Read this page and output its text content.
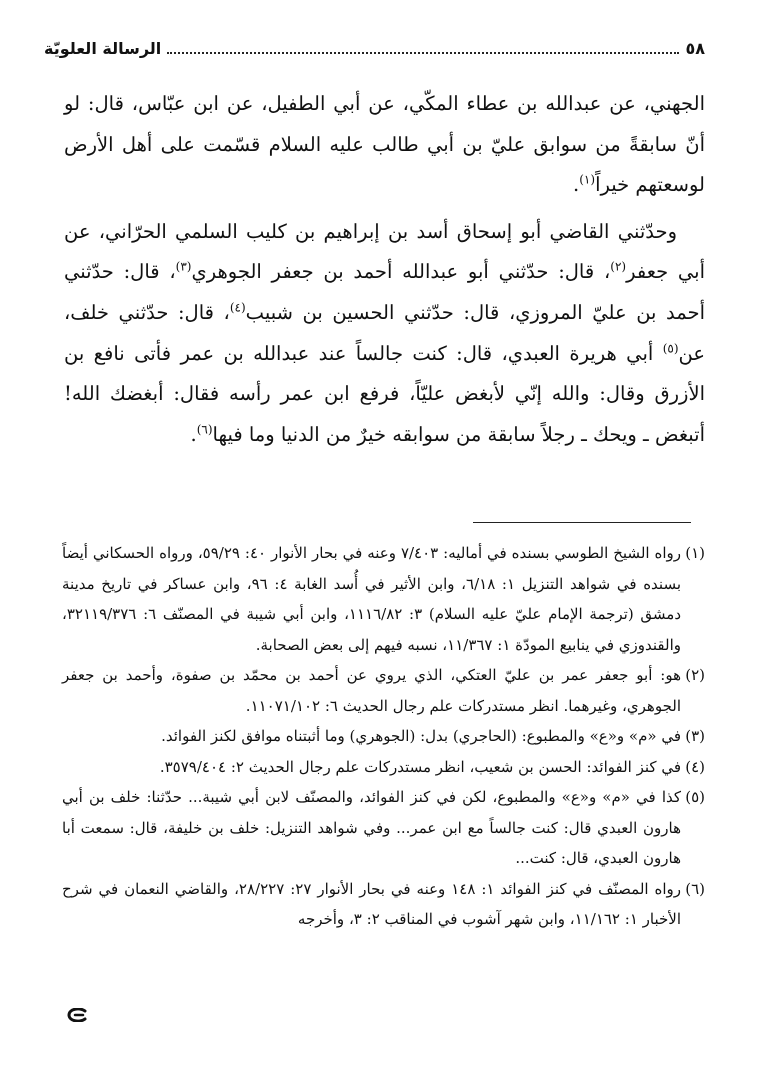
٥٨
الرسالة العلويّة

الجهني، عن عبدالله بن عطاء المكّي، عن أبي الطفيل، عن ابن عبّاس، قال: لو أنّ سابقةً من سوابق عليّ بن أبي طالب عليه السلام قسّمت على أهل الأرض لوسعتهم خيراً$^{(١)}$.

وحدّثني القاضي أبو إسحاق أسد بن إبراهيم بن كليب السلمي الحرّاني، عن أبي جعفر$^{(٢)}$، قال: حدّثني أبو عبدالله أحمد بن جعفر الجوهري$^{(٣)}$، قال: حدّثني أحمد بن عليّ المروزي، قال: حدّثني الحسين بن شبيب$^{(٤)}$، قال: حدّثني خلف، عن$^{(٥)}$ أبي هريرة العبدي، قال: كنت جالساً عند عبدالله بن عمر فأتى نافع بن الأزرق وقال: والله إنّي لأبغض عليّاً، فرفع ابن عمر رأسه فقال: أبغضك الله! أتبغض ـ ويحك ـ رجلاً سابقة من سوابقه خيرٌ من الدنيا وما فيها$^{(٦)}$.

(١)
رواه الشيخ الطوسي بسنده في أماليه: ٧/٤٠٣ وعنه في بحار الأنوار ٤٠: ٥٩/٢٩، ورواه الحسكاني أيضاً بسنده في شواهد التنزيل ١: ٦/١٨، وابن الأثير في أُسد الغابة ٤: ٩٦، وابن عساكر في تاريخ مدينة دمشق (ترجمة الإمام عليّ عليه السلام) ٣: ١١١٦/٨٢، وابن أبي شيبة في المصنّف ٦: ٣٢١١٩/٣٧٦، والقندوزي في ينابيع المودّة ١: ١١/٣٦٧، نسبه فيهم إلى بعض الصحابة.

(٢)
هو: أبو جعفر عمر بن عليّ العتكي، الذي يروي عن أحمد بن محمّد بن صفوة، وأحمد بن جعفر الجوهري، وغيرهما. انظر مستدركات علم رجال الحديث ٦: ١١٠٧١/١٠٢.

(٣)
في «م» و«ع» والمطبوع: (الحاجري) بدل: (الجوهري) وما أثبتناه موافق لكنز الفوائد.

(٤)
في كنز الفوائد: الحسن بن شعيب، انظر مستدركات علم رجال الحديث ٢: ٣٥٧٩/٤٠٤.

(٥)
كذا في «م» و«ع» والمطبوع، لكن في كنز الفوائد، والمصنّف لابن أبي شيبة... حدّثنا: خلف بن أبي هارون العبدي قال: كنت جالساً مع ابن عمر... وفي شواهد التنزيل: خلف بن خليفة، قال: سمعت أبا هارون العبدي، قال: كنت...

(٦)
رواه المصنّف في كنز الفوائد ١: ١٤٨ وعنه في بحار الأنوار ٢٧: ٢٨/٢٢٧، والقاضي النعمان في شرح الأخبار ١: ١١/١٦٢، وابن شهر آشوب في المناقب ٢: ٣، وأخرجه
